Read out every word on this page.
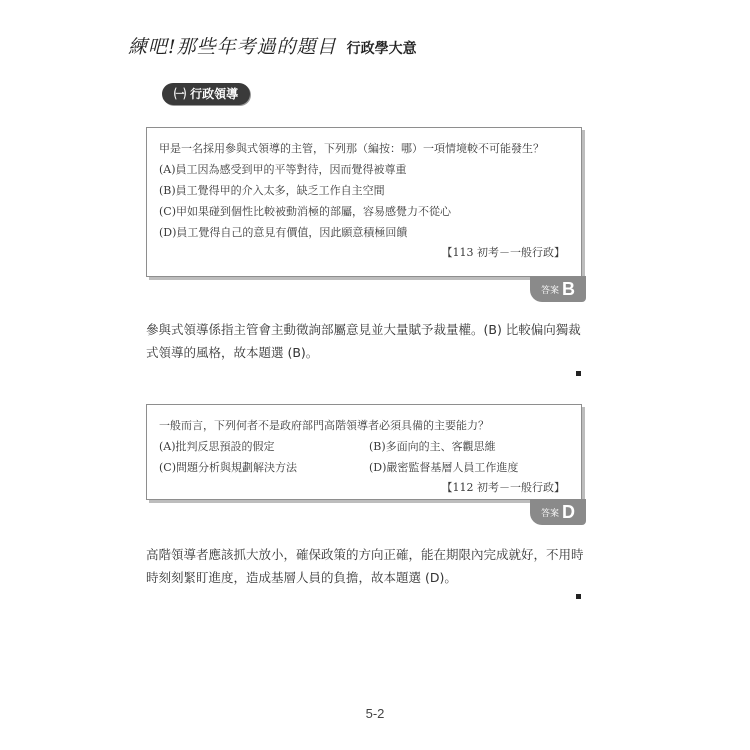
練吧!那些年考過的題目 行政學大意
㈠ 行政領導
甲是一名採用參與式領導的主管，下列那（編按：哪）一項情境較不可能發生？
(A)員工因為感受到甲的平等對待，因而覺得被尊重
(B)員工覺得甲的介入太多，缺乏工作自主空間
(C)甲如果碰到個性比較被動消極的部屬，容易感覺力不從心
(D)員工覺得自己的意見有價值，因此願意積極回饋
【113 初考－一般行政】
答案 B
參與式領導係指主管會主動徵詢部屬意見並大量賦予裁量權。(B) 比較偏向獨裁式領導的風格，故本題選 (B)。
一般而言，下列何者不是政府部門高階領導者必須具備的主要能力？
(A)批判反思預設的假定	(B)多面向的主、客觀思維
(C)問題分析與規劃解決方法	(D)嚴密監督基層人員工作進度
【112 初考－一般行政】
答案 D
高階領導者應該抓大放小，確保政策的方向正確，能在期限內完成就好，不用時時刻刻緊盯進度，造成基層人員的負擔，故本題選 (D)。
5-2
